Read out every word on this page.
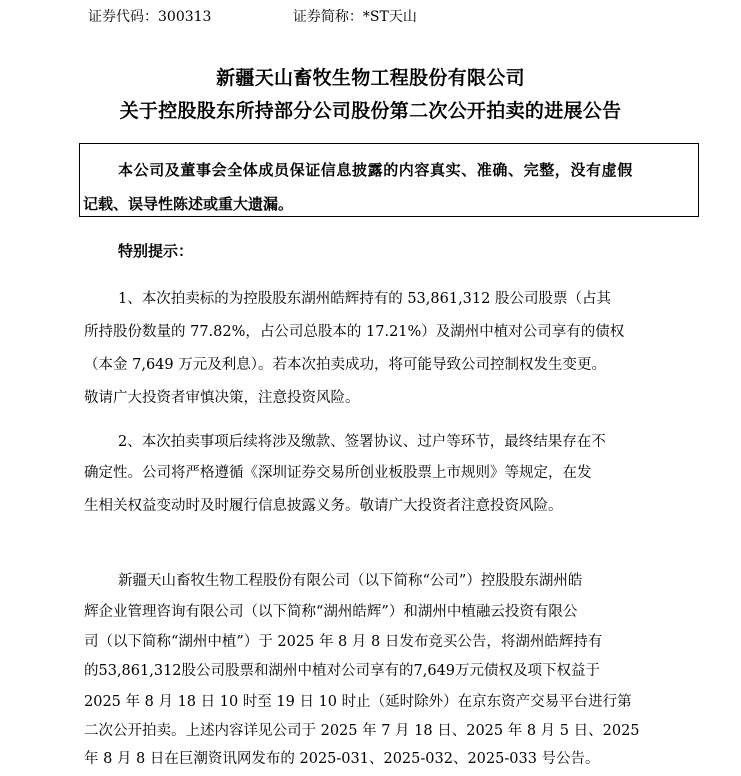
证券代码：300313	证券简称：*ST天山
新疆天山畜牧生物工程股份有限公司
关于控股股东所持部分公司股份第二次公开拍卖的进展公告
本公司及董事会全体成员保证信息披露的内容真实、准确、完整，没有虚假
记载、误导性陈述或重大遗漏。
特别提示：
1、本次拍卖标的为控股股东湖州皓辉持有的 53,861,312 股公司股票（占其
所持股份数量的 77.82%，占公司总股本的 17.21%）及湖州中植对公司享有的债权
（本金 7,649 万元及利息）。若本次拍卖成功，将可能导致公司控制权发生变更。
敬请广大投资者审慎决策，注意投资风险。
2、本次拍卖事项后续将涉及缴款、签署协议、过户等环节，最终结果存在不
确定性。公司将严格遵循《深圳证券交易所创业板股票上市规则》等规定，在发
生相关权益变动时及时履行信息披露义务。敬请广大投资者注意投资风险。
新疆天山畜牧生物工程股份有限公司（以下简称“公司”）控股股东湖州皓
辉企业管理咨询有限公司（以下简称“湖州皓辉”）和湖州中植融云投资有限公
司（以下简称“湖州中植”）于 2025 年 8 月 8 日发布竞买公告，将湖州皓辉持有
的53,861,312股公司股票和湖州中植对公司享有的7,649万元债权及项下权益于
2025 年 8 月 18 日 10 时至 19 日 10 时止（延时除外）在京东资产交易平台进行第
二次公开拍卖。上述内容详见公司于 2025 年 7 月 18 日、2025 年 8 月 5 日、2025
年 8 月 8 日在巨潮资讯网发布的 2025-031、2025-032、2025-033 号公告。
